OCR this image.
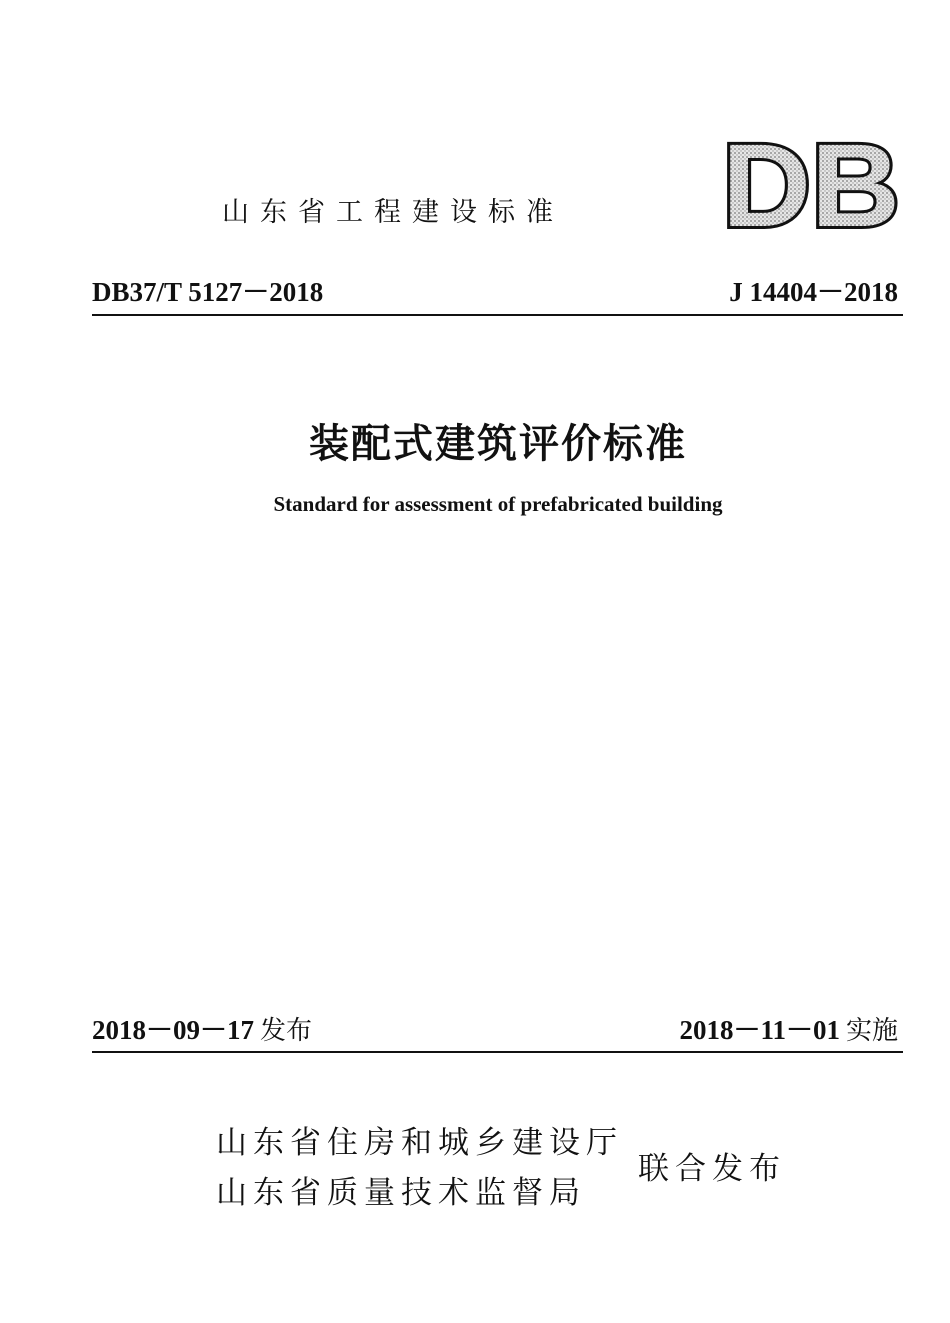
山东省工程建设标准 DB
DB37/T 5127－2018	J 14404－2018
装配式建筑评价标准
Standard for assessment of prefabricated building
2018－09－17 发布	2018－11－01 实施
山东省住房和城乡建设厅
山东省质量技术监督局
联合发布
